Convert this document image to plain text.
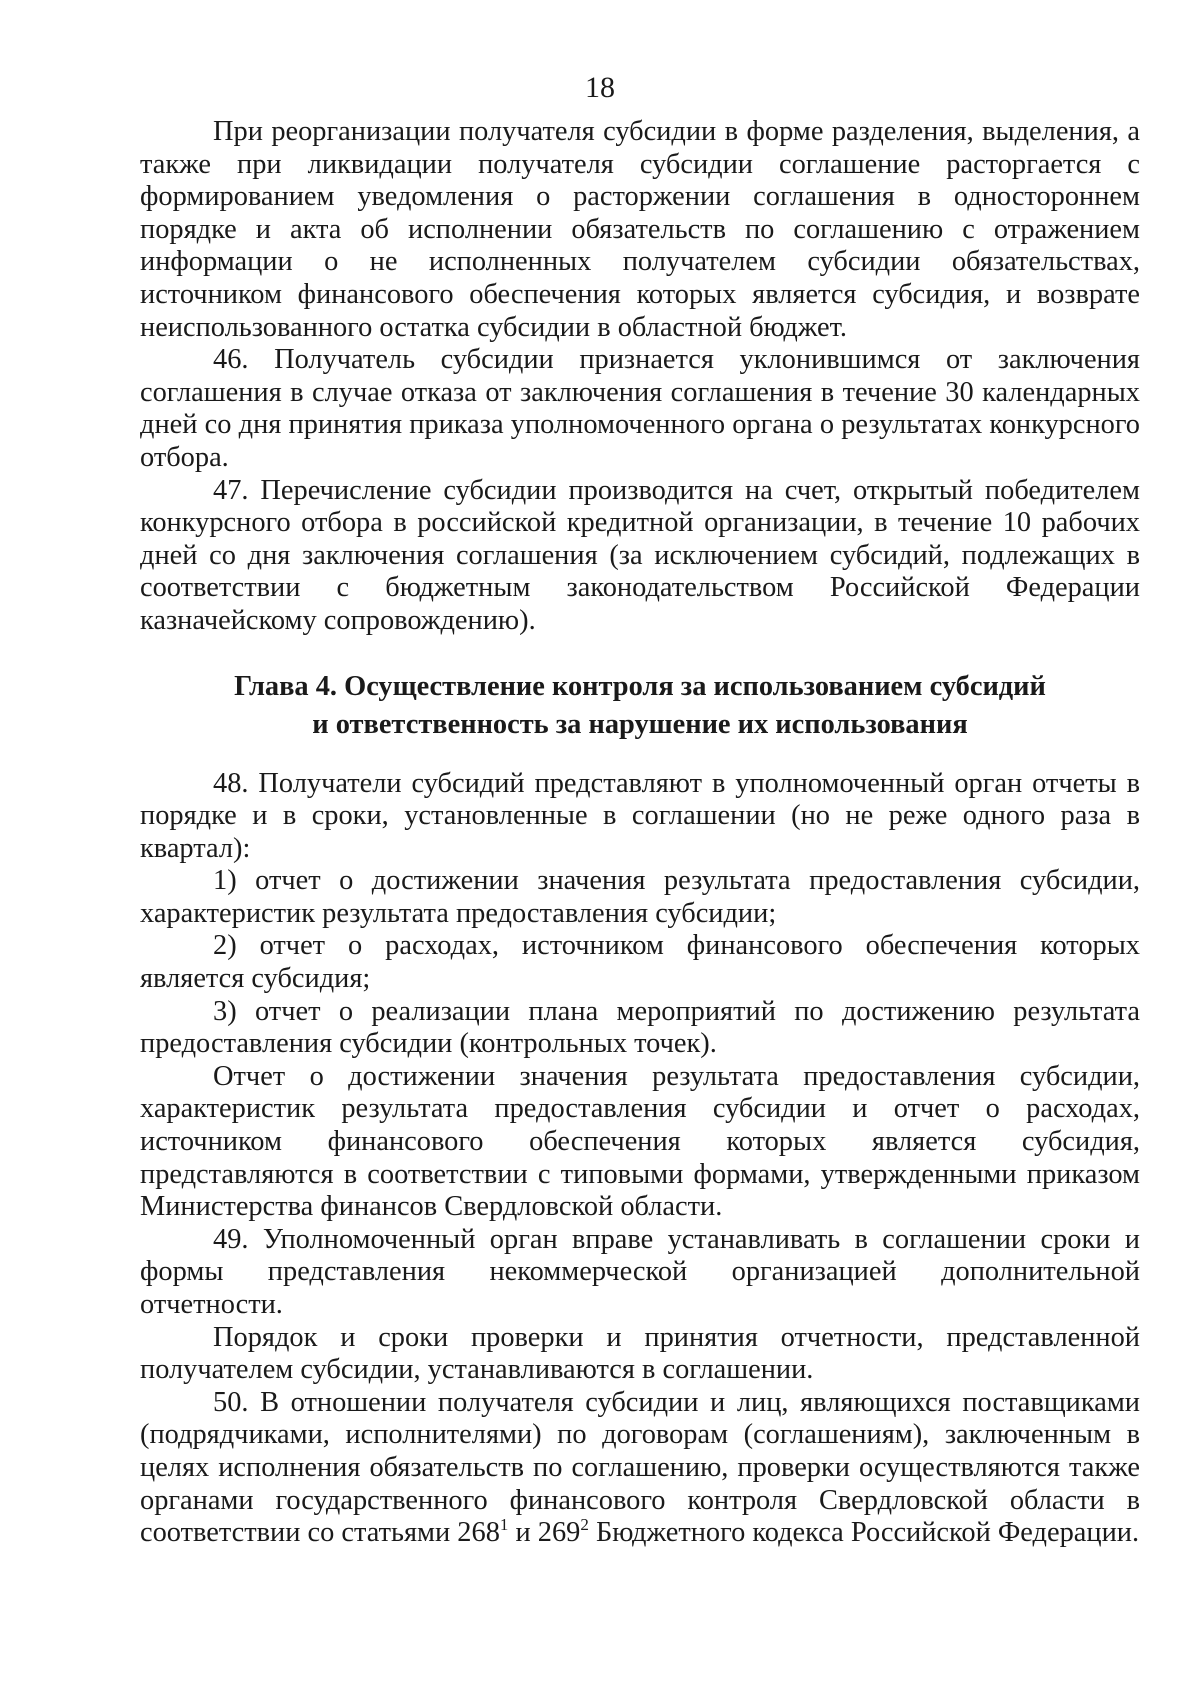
18

При реорганизации получателя субсидии в форме разделения, выделения, а также при ликвидации получателя субсидии соглашение расторгается с формированием уведомления о расторжении соглашения в одностороннем порядке и акта об исполнении обязательств по соглашению с отражением информации о не исполненных получателем субсидии обязательствах, источником финансового обеспечения которых является субсидия, и возврате неиспользованного остатка субсидии в областной бюджет.

46. Получатель субсидии признается уклонившимся от заключения соглашения в случае отказа от заключения соглашения в течение 30 календарных дней со дня принятия приказа уполномоченного органа о результатах конкурсного отбора.

47. Перечисление субсидии производится на счет, открытый победителем конкурсного отбора в российской кредитной организации, в течение 10 рабочих дней со дня заключения соглашения (за исключением субсидий, подлежащих в соответствии с бюджетным законодательством Российской Федерации казначейскому сопровождению).

Глава 4. Осуществление контроля за использованием субсидий
и ответственность за нарушение их использования

48. Получатели субсидий представляют в уполномоченный орган отчеты в порядке и в сроки, установленные в соглашении (но не реже одного раза в квартал):

1) отчет о достижении значения результата предоставления субсидии, характеристик результата предоставления субсидии;

2) отчет о расходах, источником финансового обеспечения которых является субсидия;

3) отчет о реализации плана мероприятий по достижению результата предоставления субсидии (контрольных точек).

Отчет о достижении значения результата предоставления субсидии, характеристик результата предоставления субсидии и отчет о расходах, источником финансового обеспечения которых является субсидия, представляются в соответствии с типовыми формами, утвержденными приказом Министерства финансов Свердловской области.

49. Уполномоченный орган вправе устанавливать в соглашении сроки и формы представления некоммерческой организацией дополнительной отчетности.

Порядок и сроки проверки и принятия отчетности, представленной получателем субсидии, устанавливаются в соглашении.

50. В отношении получателя субсидии и лиц, являющихся поставщиками (подрядчиками, исполнителями) по договорам (соглашениям), заключенным в целях исполнения обязательств по соглашению, проверки осуществляются также органами государственного финансового контроля Свердловской области в соответствии со статьями $268^1$ и $269^2$ Бюджетного кодекса Российской Федерации.
